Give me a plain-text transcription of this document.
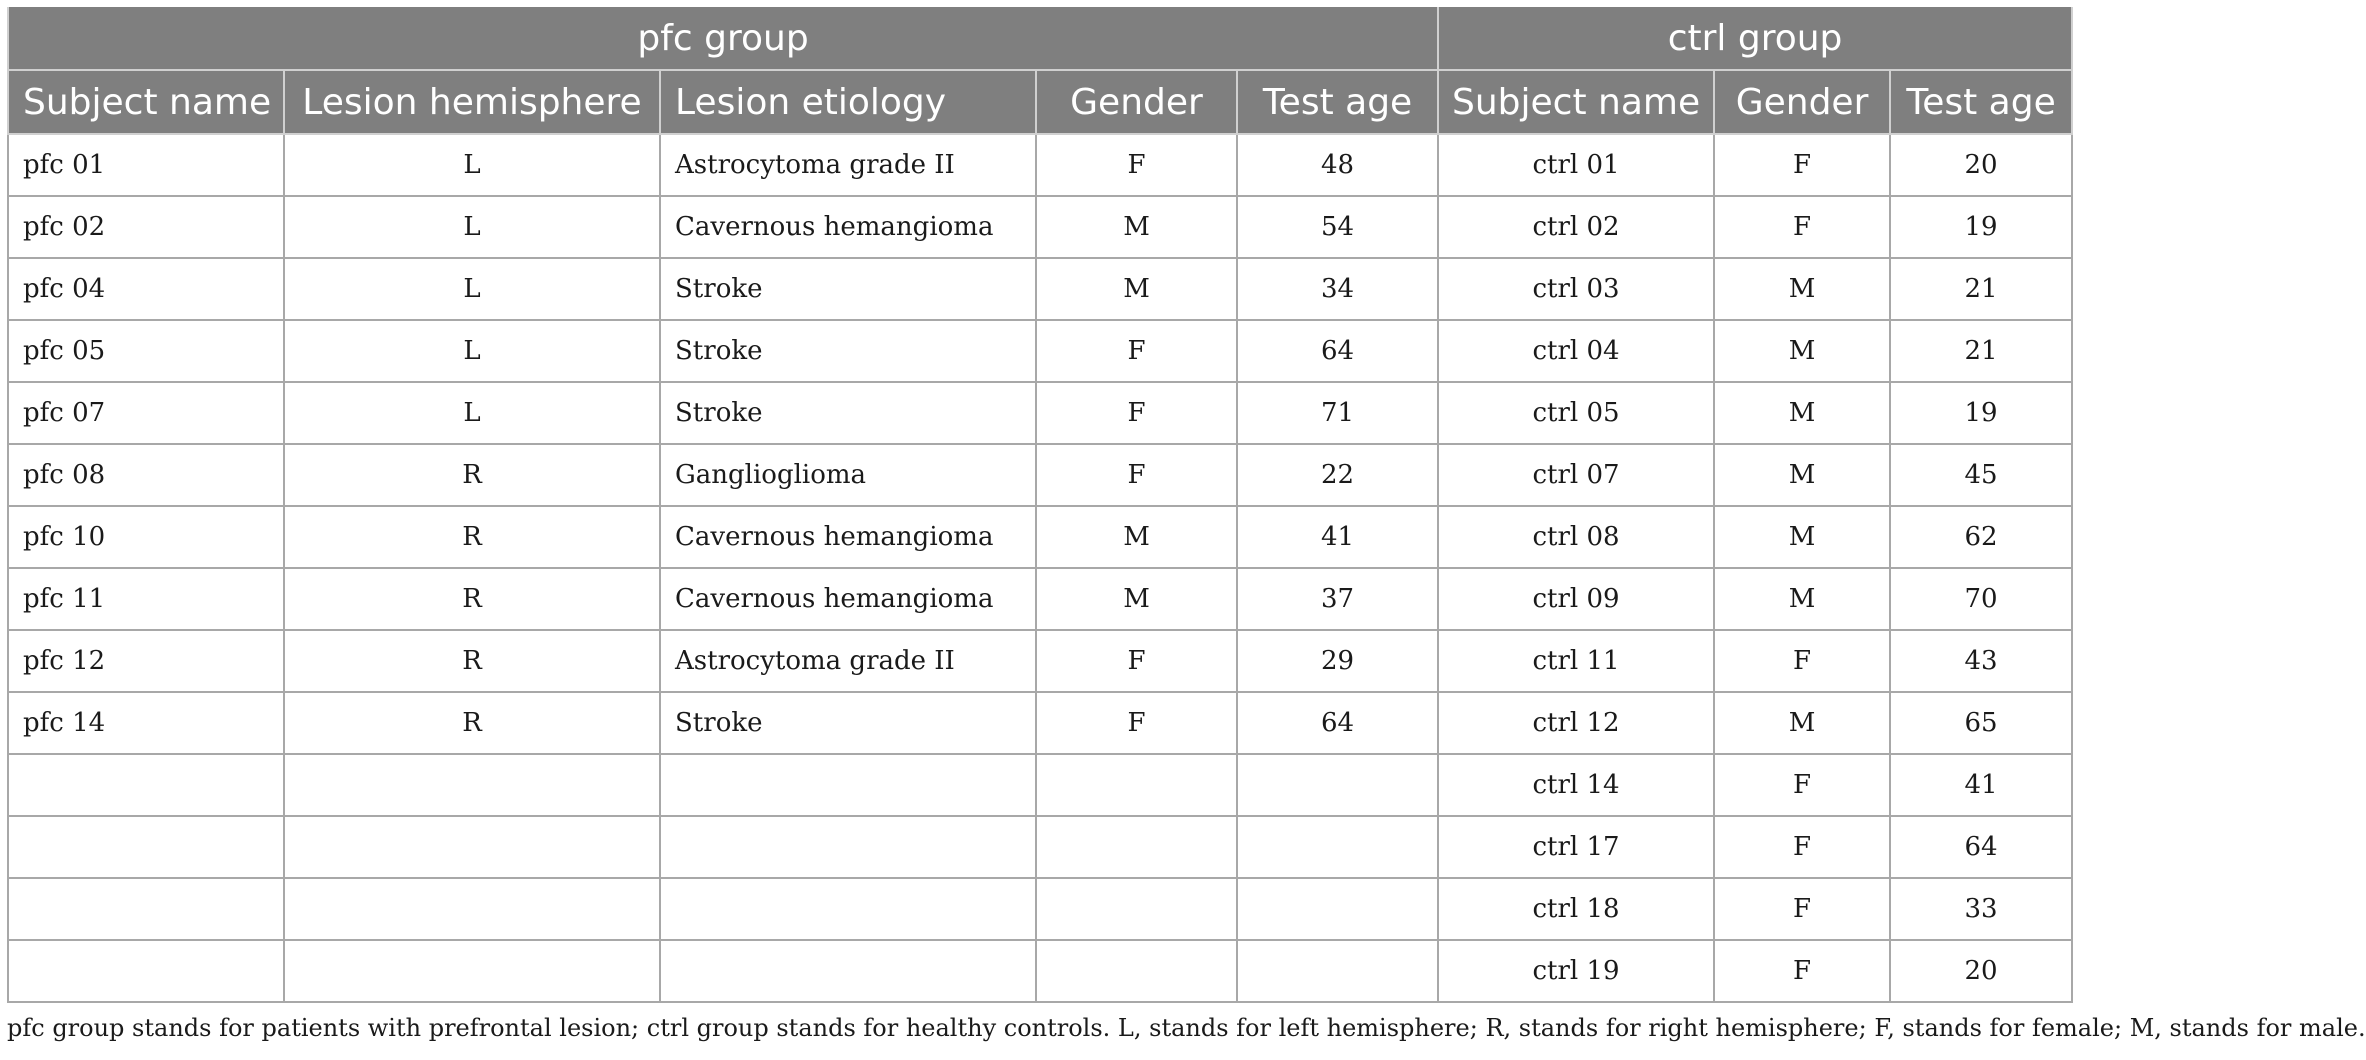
pfc group					ctrl group		
Subject name	Lesion hemisphere	Lesion etiology	Gender	Test age	Subject name	Gender	Test age
pfc 01	L	Astrocytoma grade II	F	48	ctrl 01	F	20
pfc 02	L	Cavernous hemangioma	M	54	ctrl 02	F	19
pfc 04	L	Stroke	M	34	ctrl 03	M	21
pfc 05	L	Stroke	F	64	ctrl 04	M	21
pfc 07	L	Stroke	F	71	ctrl 05	M	19
pfc 08	R	Ganglioglioma	F	22	ctrl 07	M	45
pfc 10	R	Cavernous hemangioma	M	41	ctrl 08	M	62
pfc 11	R	Cavernous hemangioma	M	37	ctrl 09	M	70
pfc 12	R	Astrocytoma grade II	F	29	ctrl 11	F	43
pfc 14	R	Stroke	F	64	ctrl 12	M	65
					ctrl 14	F	41
					ctrl 17	F	64
					ctrl 18	F	33
					ctrl 19	F	20
pfc group stands for patients with prefrontal lesion; ctrl group stands for healthy controls. L, stands for left hemisphere; R, stands for right hemisphere; F, stands for female; M, stands for male.
